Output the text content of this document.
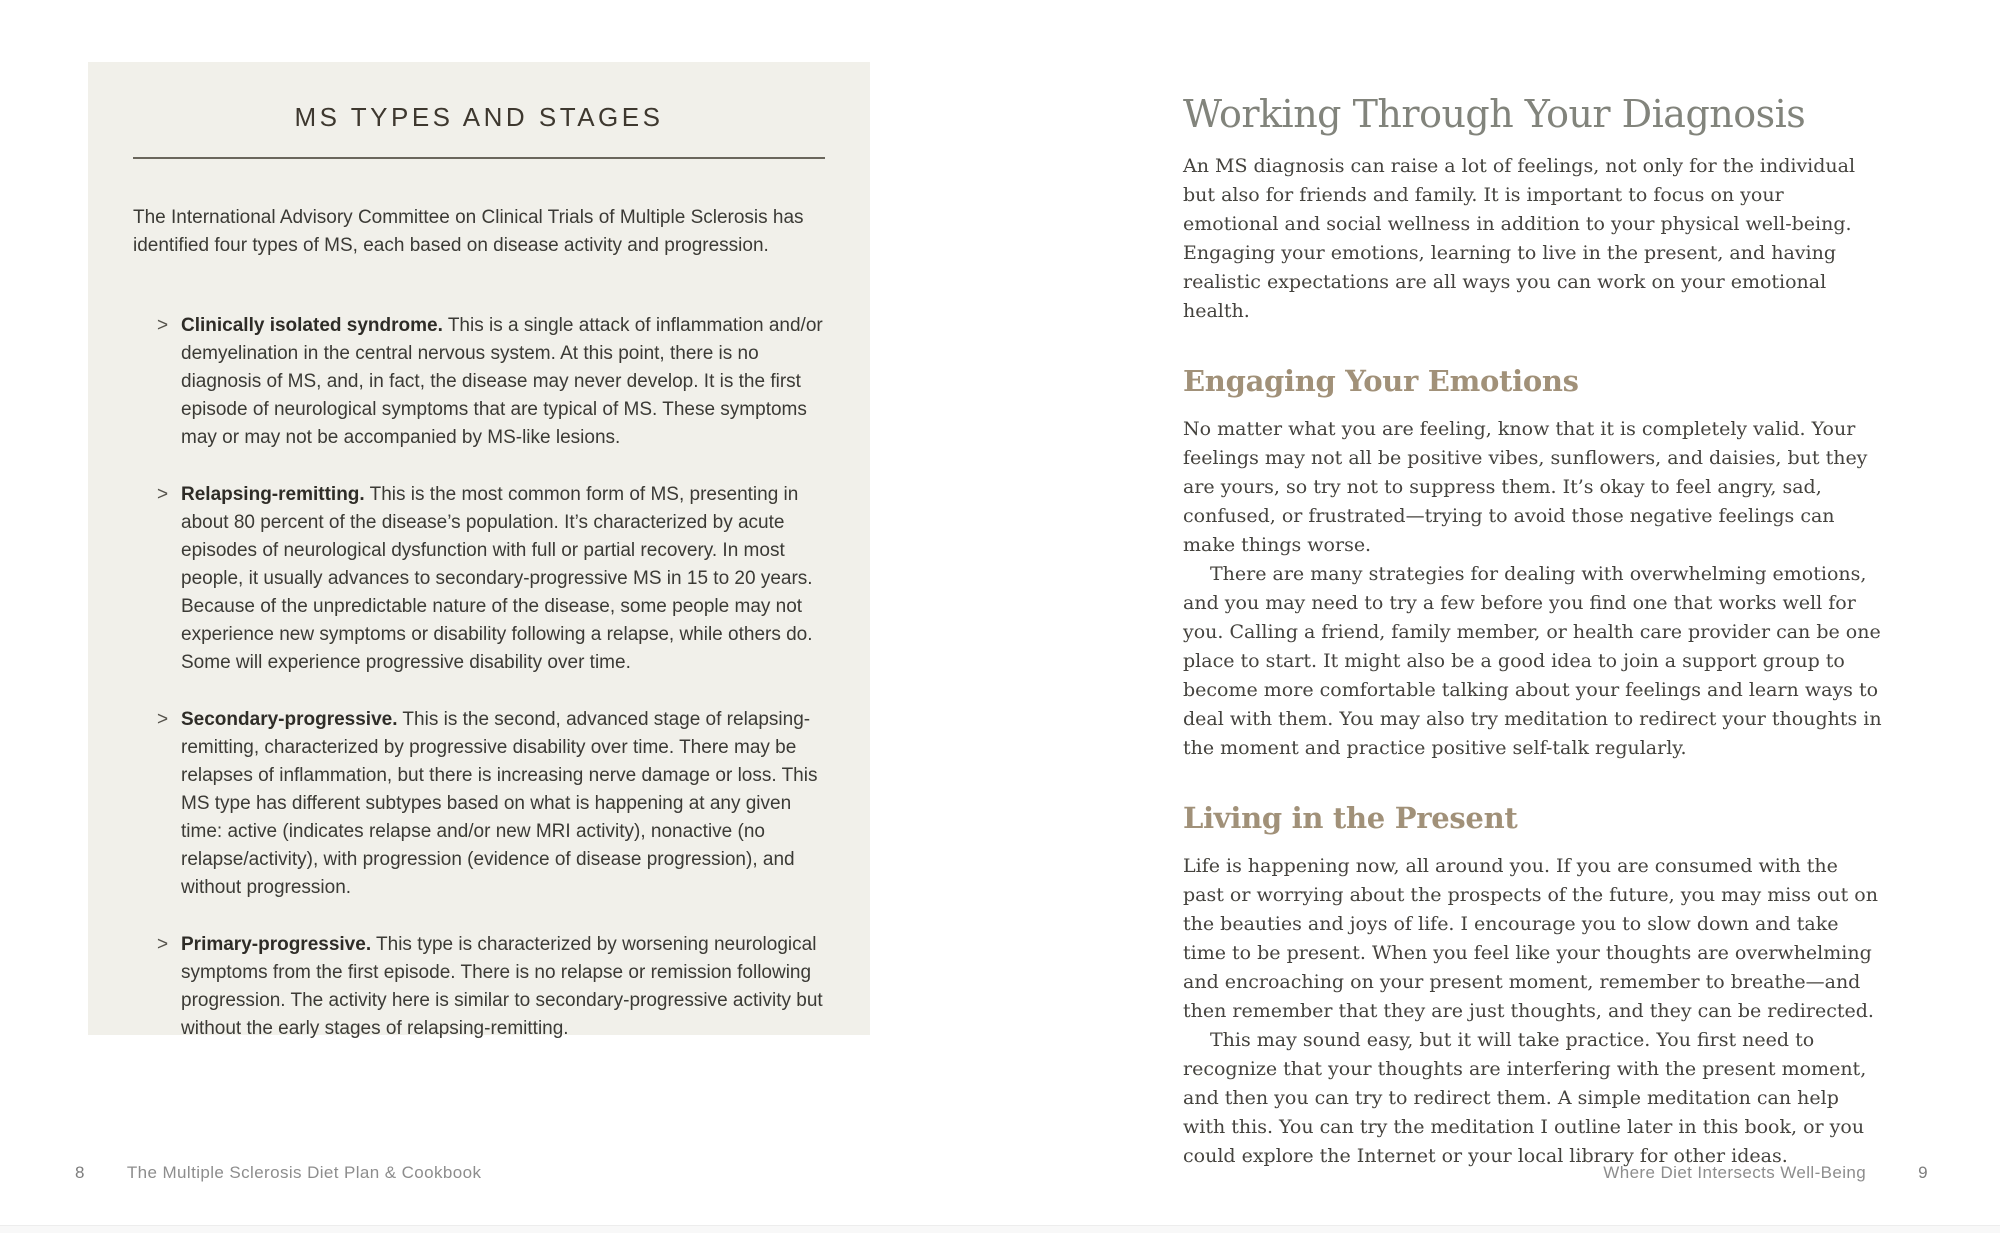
MS TYPES AND STAGES

The International Advisory Committee on Clinical Trials of Multiple Sclerosis has identified four types of MS, each based on disease activity and progression.

> Clinically isolated syndrome. This is a single attack of inflammation and/or demyelination in the central nervous system. At this point, there is no diagnosis of MS, and, in fact, the disease may never develop. It is the first episode of neurological symptoms that are typical of MS. These symptoms may or may not be accompanied by MS-like lesions.
> Relapsing-remitting. This is the most common form of MS, presenting in about 80 percent of the disease’s population. It’s characterized by acute episodes of neurological dysfunction with full or partial recovery. In most people, it usually advances to secondary-progressive MS in 15 to 20 years. Because of the unpredictable nature of the disease, some people may not experience new symptoms or disability following a relapse, while others do. Some will experience progressive disability over time.
> Secondary-progressive. This is the second, advanced stage of relapsing-remitting, characterized by progressive disability over time. There may be relapses of inflammation, but there is increasing nerve damage or loss. This MS type has different subtypes based on what is happening at any given time: active (indicates relapse and/or new MRI activity), nonactive (no relapse/activity), with progression (evidence of disease progression), and without progression.
> Primary-progressive. This type is characterized by worsening neurological symptoms from the first episode. There is no relapse or remission following progression. The activity here is similar to secondary-progressive activity but without the early stages of relapsing-remitting.
Working Through Your Diagnosis

An MS diagnosis can raise a lot of feelings, not only for the individual but also for friends and family. It is important to focus on your emotional and social wellness in addition to your physical well-being. Engaging your emotions, learning to live in the present, and having realistic expectations are all ways you can work on your emotional health.

Engaging Your Emotions

No matter what you are feeling, know that it is completely valid. Your feelings may not all be positive vibes, sunflowers, and daisies, but they are yours, so try not to suppress them. It’s okay to feel angry, sad, confused, or frustrated—trying to avoid those negative feelings can make things worse.

There are many strategies for dealing with overwhelming emotions, and you may need to try a few before you find one that works well for you. Calling a friend, family member, or health care provider can be one place to start. It might also be a good idea to join a support group to become more comfortable talking about your feelings and learn ways to deal with them. You may also try meditation to redirect your thoughts in the moment and practice positive self-talk regularly.

Living in the Present

Life is happening now, all around you. If you are consumed with the past or worrying about the prospects of the future, you may miss out on the beauties and joys of life. I encourage you to slow down and take time to be present. When you feel like your thoughts are overwhelming and encroaching on your present moment, remember to breathe—and then remember that they are just thoughts, and they can be redirected.

This may sound easy, but it will take practice. You first need to recognize that your thoughts are interfering with the present moment, and then you can try to redirect them. A simple meditation can help with this. You can try the meditation I outline later in this book, or you could explore the Internet or your local library for other ideas.

8 The Multiple Sclerosis Diet Plan & Cookbook	Where Diet Intersects Well-Being	9
